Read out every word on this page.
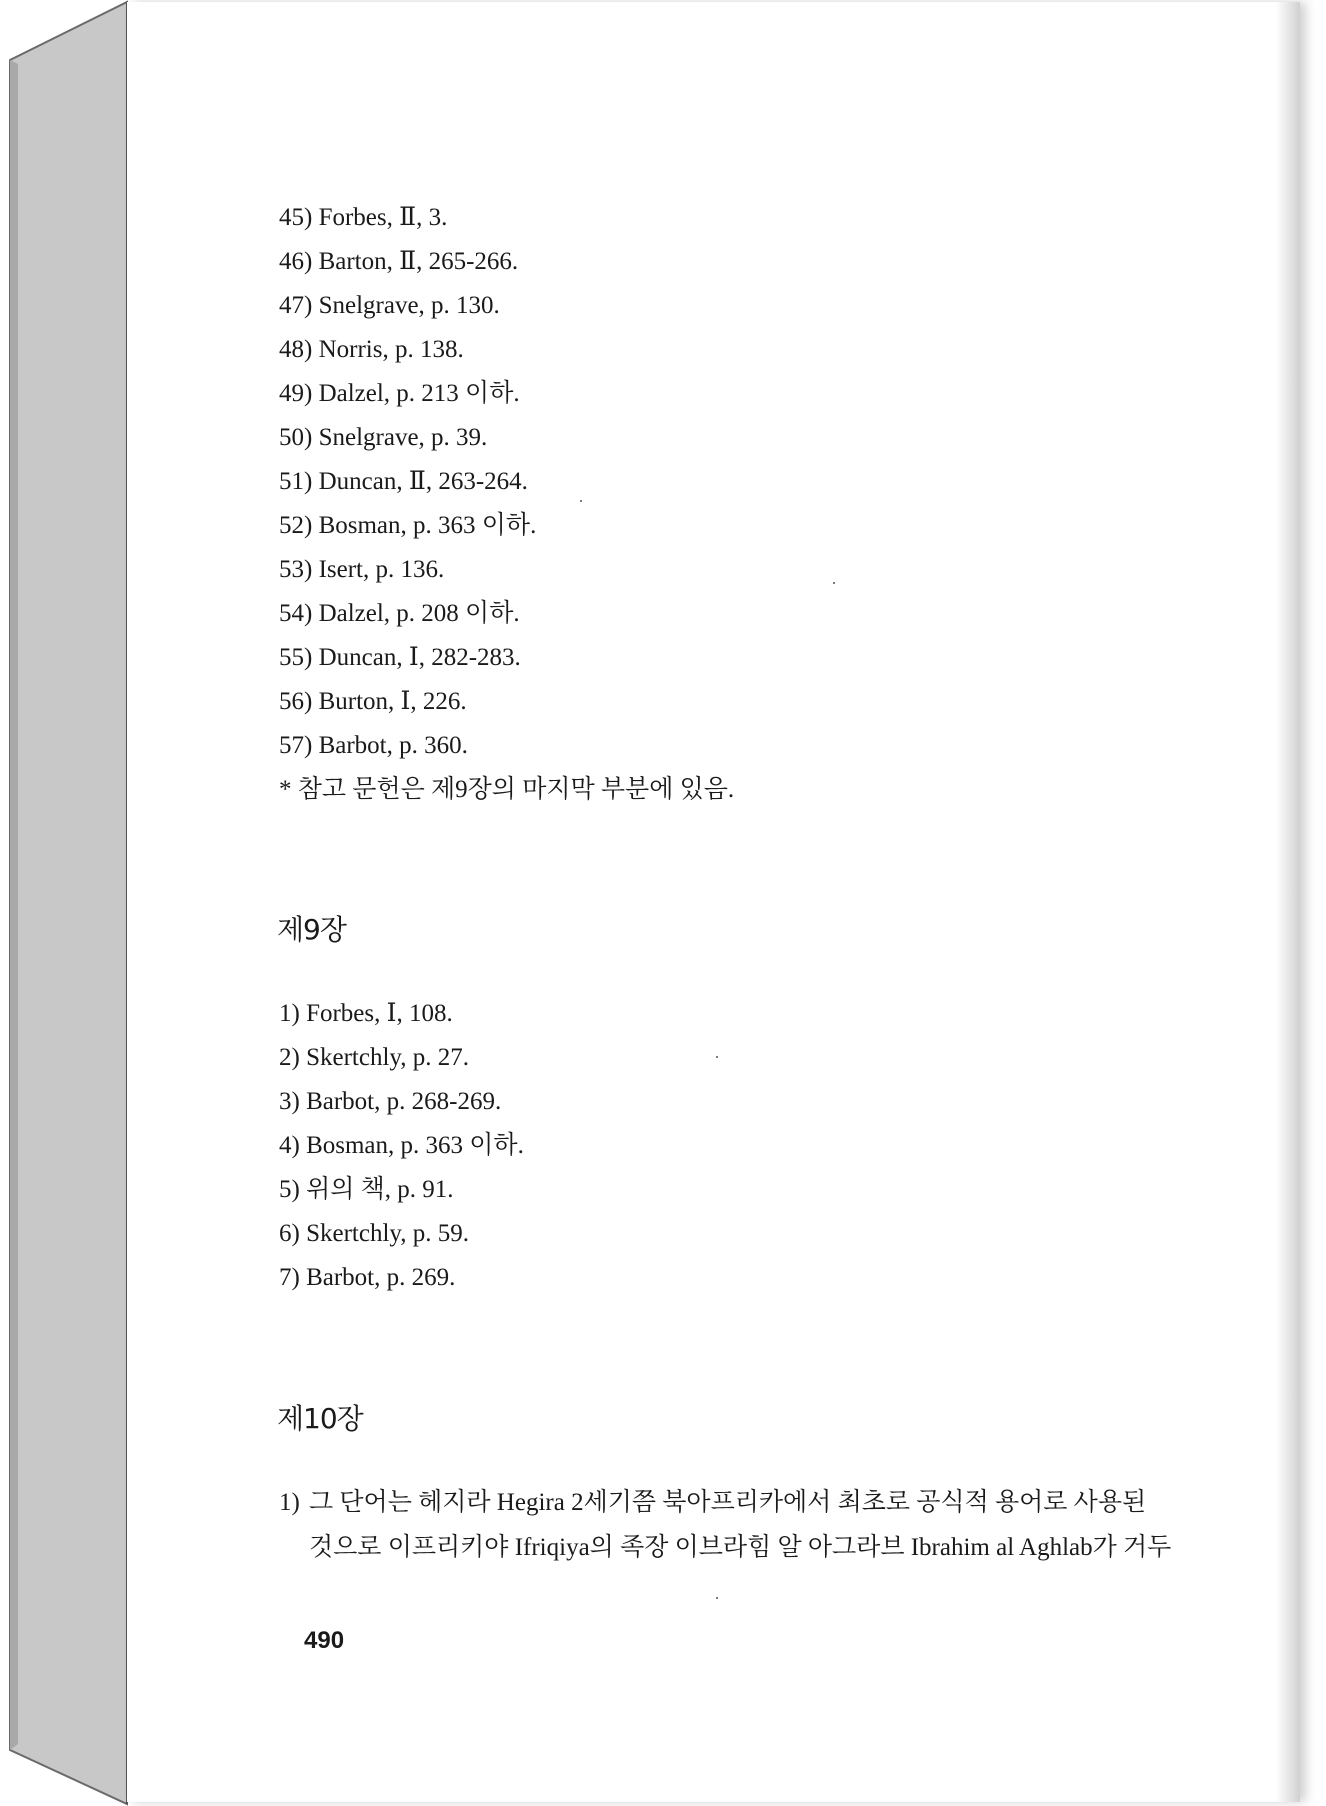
45) Forbes, Ⅱ, 3.
46) Barton, Ⅱ, 265-266.
47) Snelgrave, p. 130.
48) Norris, p. 138.
49) Dalzel, p. 213 이하.
50) Snelgrave, p. 39.
51) Duncan, Ⅱ, 263-264.
52) Bosman, p. 363 이하.
53) Isert, p. 136.
54) Dalzel, p. 208 이하.
55) Duncan, Ⅰ, 282-283.
56) Burton, Ⅰ, 226.
57) Barbot, p. 360.
* 참고 문헌은 제9장의 마지막 부분에 있음.
제9장
1) Forbes, Ⅰ, 108.
2) Skertchly, p. 27.
3) Barbot, p. 268-269.
4) Bosman, p. 363 이하.
5) 위의 책, p. 91.
6) Skertchly, p. 59.
7) Barbot, p. 269.
제10장
1) 그 단어는 헤지라 Hegira 2세기쯤 북아프리카에서 최초로 공식적 용어로 사용된
것으로 이프리키야 Ifriqiya의 족장 이브라힘 알 아그라브 Ibrahim al Aghlab가 거두
490
